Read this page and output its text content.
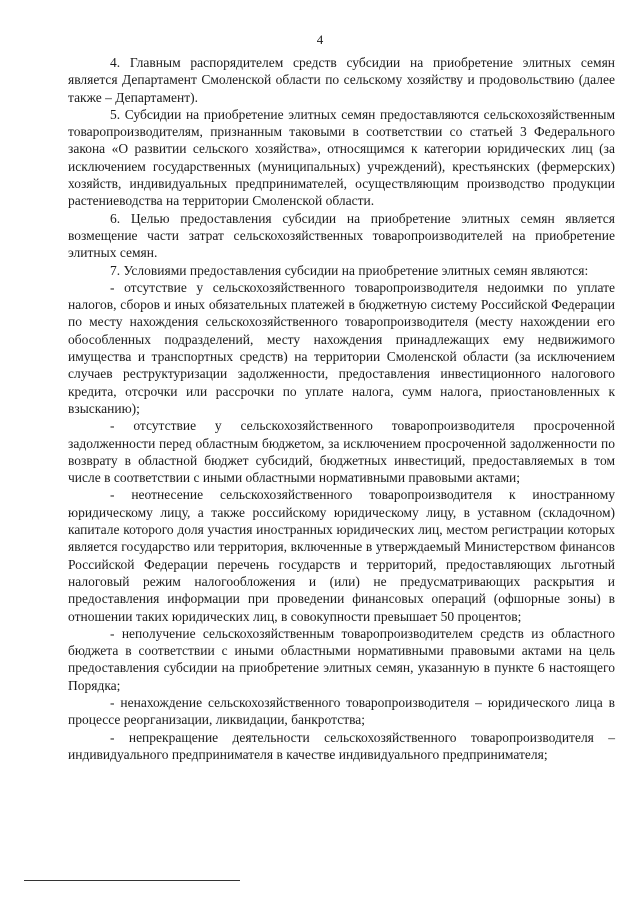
4

4. Главным распорядителем средств субсидии на приобретение элитных семян является Департамент Смоленской области по сельскому хозяйству и продовольствию (далее также – Департамент).

5. Субсидии на приобретение элитных семян предоставляются сельскохозяйственным товаропроизводителям, признанным таковыми в соответствии со статьей 3 Федерального закона «О развитии сельского хозяйства», относящимся к категории юридических лиц (за исключением государственных (муниципальных) учреждений), крестьянских (фермерских) хозяйств, индивидуальных предпринимателей, осуществляющим производство продукции растениеводства на территории Смоленской области.

6. Целью предоставления субсидии на приобретение элитных семян является возмещение части затрат сельскохозяйственных товаропроизводителей на приобретение элитных семян.

7. Условиями предоставления субсидии на приобретение элитных семян являются:

- отсутствие у сельскохозяйственного товаропроизводителя недоимки по уплате налогов, сборов и иных обязательных платежей в бюджетную систему Российской Федерации по месту нахождения сельскохозяйственного товаропроизводителя (месту нахождении его обособленных подразделений, месту нахождения принадлежащих ему недвижимого имущества и транспортных средств) на территории Смоленской области (за исключением случаев реструктуризации задолженности, предоставления инвестиционного налогового кредита, отсрочки или рассрочки по уплате налога, сумм налога, приостановленных к взысканию);

- отсутствие у сельскохозяйственного товаропроизводителя просроченной задолженности перед областным бюджетом, за исключением просроченной задолженности по возврату в областной бюджет субсидий, бюджетных инвестиций, предоставляемых в том числе в соответствии с иными областными нормативными правовыми актами;

- неотнесение сельскохозяйственного товаропроизводителя к иностранному юридическому лицу, а также российскому юридическому лицу, в уставном (складочном) капитале которого доля участия иностранных юридических лиц, местом регистрации которых является государство или территория, включенные в утверждаемый Министерством финансов Российской Федерации перечень государств и территорий, предоставляющих льготный налоговый режим налогообложения и (или) не предусматривающих раскрытия и предоставления информации при проведении финансовых операций (офшорные зоны) в отношении таких юридических лиц, в совокупности превышает 50 процентов;

- неполучение сельскохозяйственным товаропроизводителем средств из областного бюджета в соответствии с иными областными нормативными правовыми актами на цель предоставления субсидии на приобретение элитных семян, указанную в пункте 6 настоящего Порядка;

- ненахождение сельскохозяйственного товаропроизводителя – юридического лица в процессе реорганизации, ликвидации, банкротства;

- непрекращение деятельности сельскохозяйственного товаропроизводителя – индивидуального предпринимателя в качестве индивидуального предпринимателя;
